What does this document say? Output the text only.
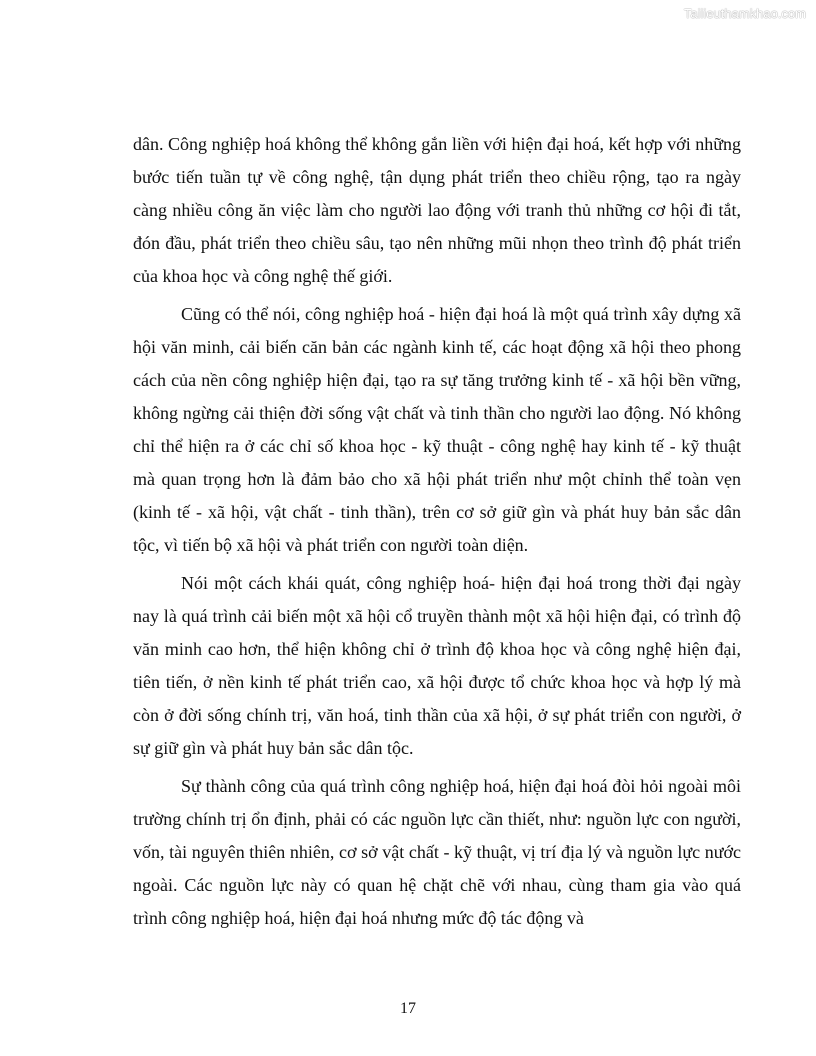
Tailieuthamkhao.com

dân. Công nghiệp hoá không thể không gắn liền với hiện đại hoá, kết hợp với những bước tiến tuần tự về công nghệ, tận dụng phát triển theo chiều rộng, tạo ra ngày càng nhiều công ăn việc làm cho người lao động với tranh thủ những cơ hội đi tắt, đón đầu, phát triển theo chiều sâu, tạo nên những mũi nhọn theo trình độ phát triển của khoa học và công nghệ thế giới.

Cũng có thể nói, công nghiệp hoá - hiện đại hoá là một quá trình xây dựng xã hội văn minh, cải biến căn bản các ngành kinh tế, các hoạt động xã hội theo phong cách của nền công nghiệp hiện đại, tạo ra sự tăng trưởng kinh tế - xã hội bền vững, không ngừng cải thiện đời sống vật chất và tinh thần cho người lao động. Nó không chỉ thể hiện ra ở các chỉ số khoa học - kỹ thuật - công nghệ hay kinh tế - kỹ thuật mà quan trọng hơn là đảm bảo cho xã hội phát triển như một chỉnh thể toàn vẹn (kinh tế - xã hội, vật chất - tinh thần), trên cơ sở giữ gìn và phát huy bản sắc dân tộc, vì tiến bộ xã hội và phát triển con người toàn diện.

Nói một cách khái quát, công nghiệp hoá- hiện đại hoá trong thời đại ngày nay là quá trình cải biến một xã hội cổ truyền thành một xã hội hiện đại, có trình độ văn minh cao hơn, thể hiện không chỉ ở trình độ khoa học và công nghệ hiện đại, tiên tiến, ở nền kinh tế phát triển cao, xã hội được tổ chức khoa học và hợp lý mà còn ở đời sống chính trị, văn hoá, tinh thần của xã hội, ở sự phát triển con người, ở sự giữ gìn và phát huy bản sắc dân tộc.

Sự thành công của quá trình công nghiệp hoá, hiện đại hoá đòi hỏi ngoài môi trường chính trị ổn định, phải có các nguồn lực cần thiết, như: nguồn lực con người, vốn, tài nguyên thiên nhiên, cơ sở vật chất - kỹ thuật, vị trí địa lý và nguồn lực nước ngoài. Các nguồn lực này có quan hệ chặt chẽ với nhau, cùng tham gia vào quá trình công nghiệp hoá, hiện đại hoá nhưng mức độ tác động và

17
